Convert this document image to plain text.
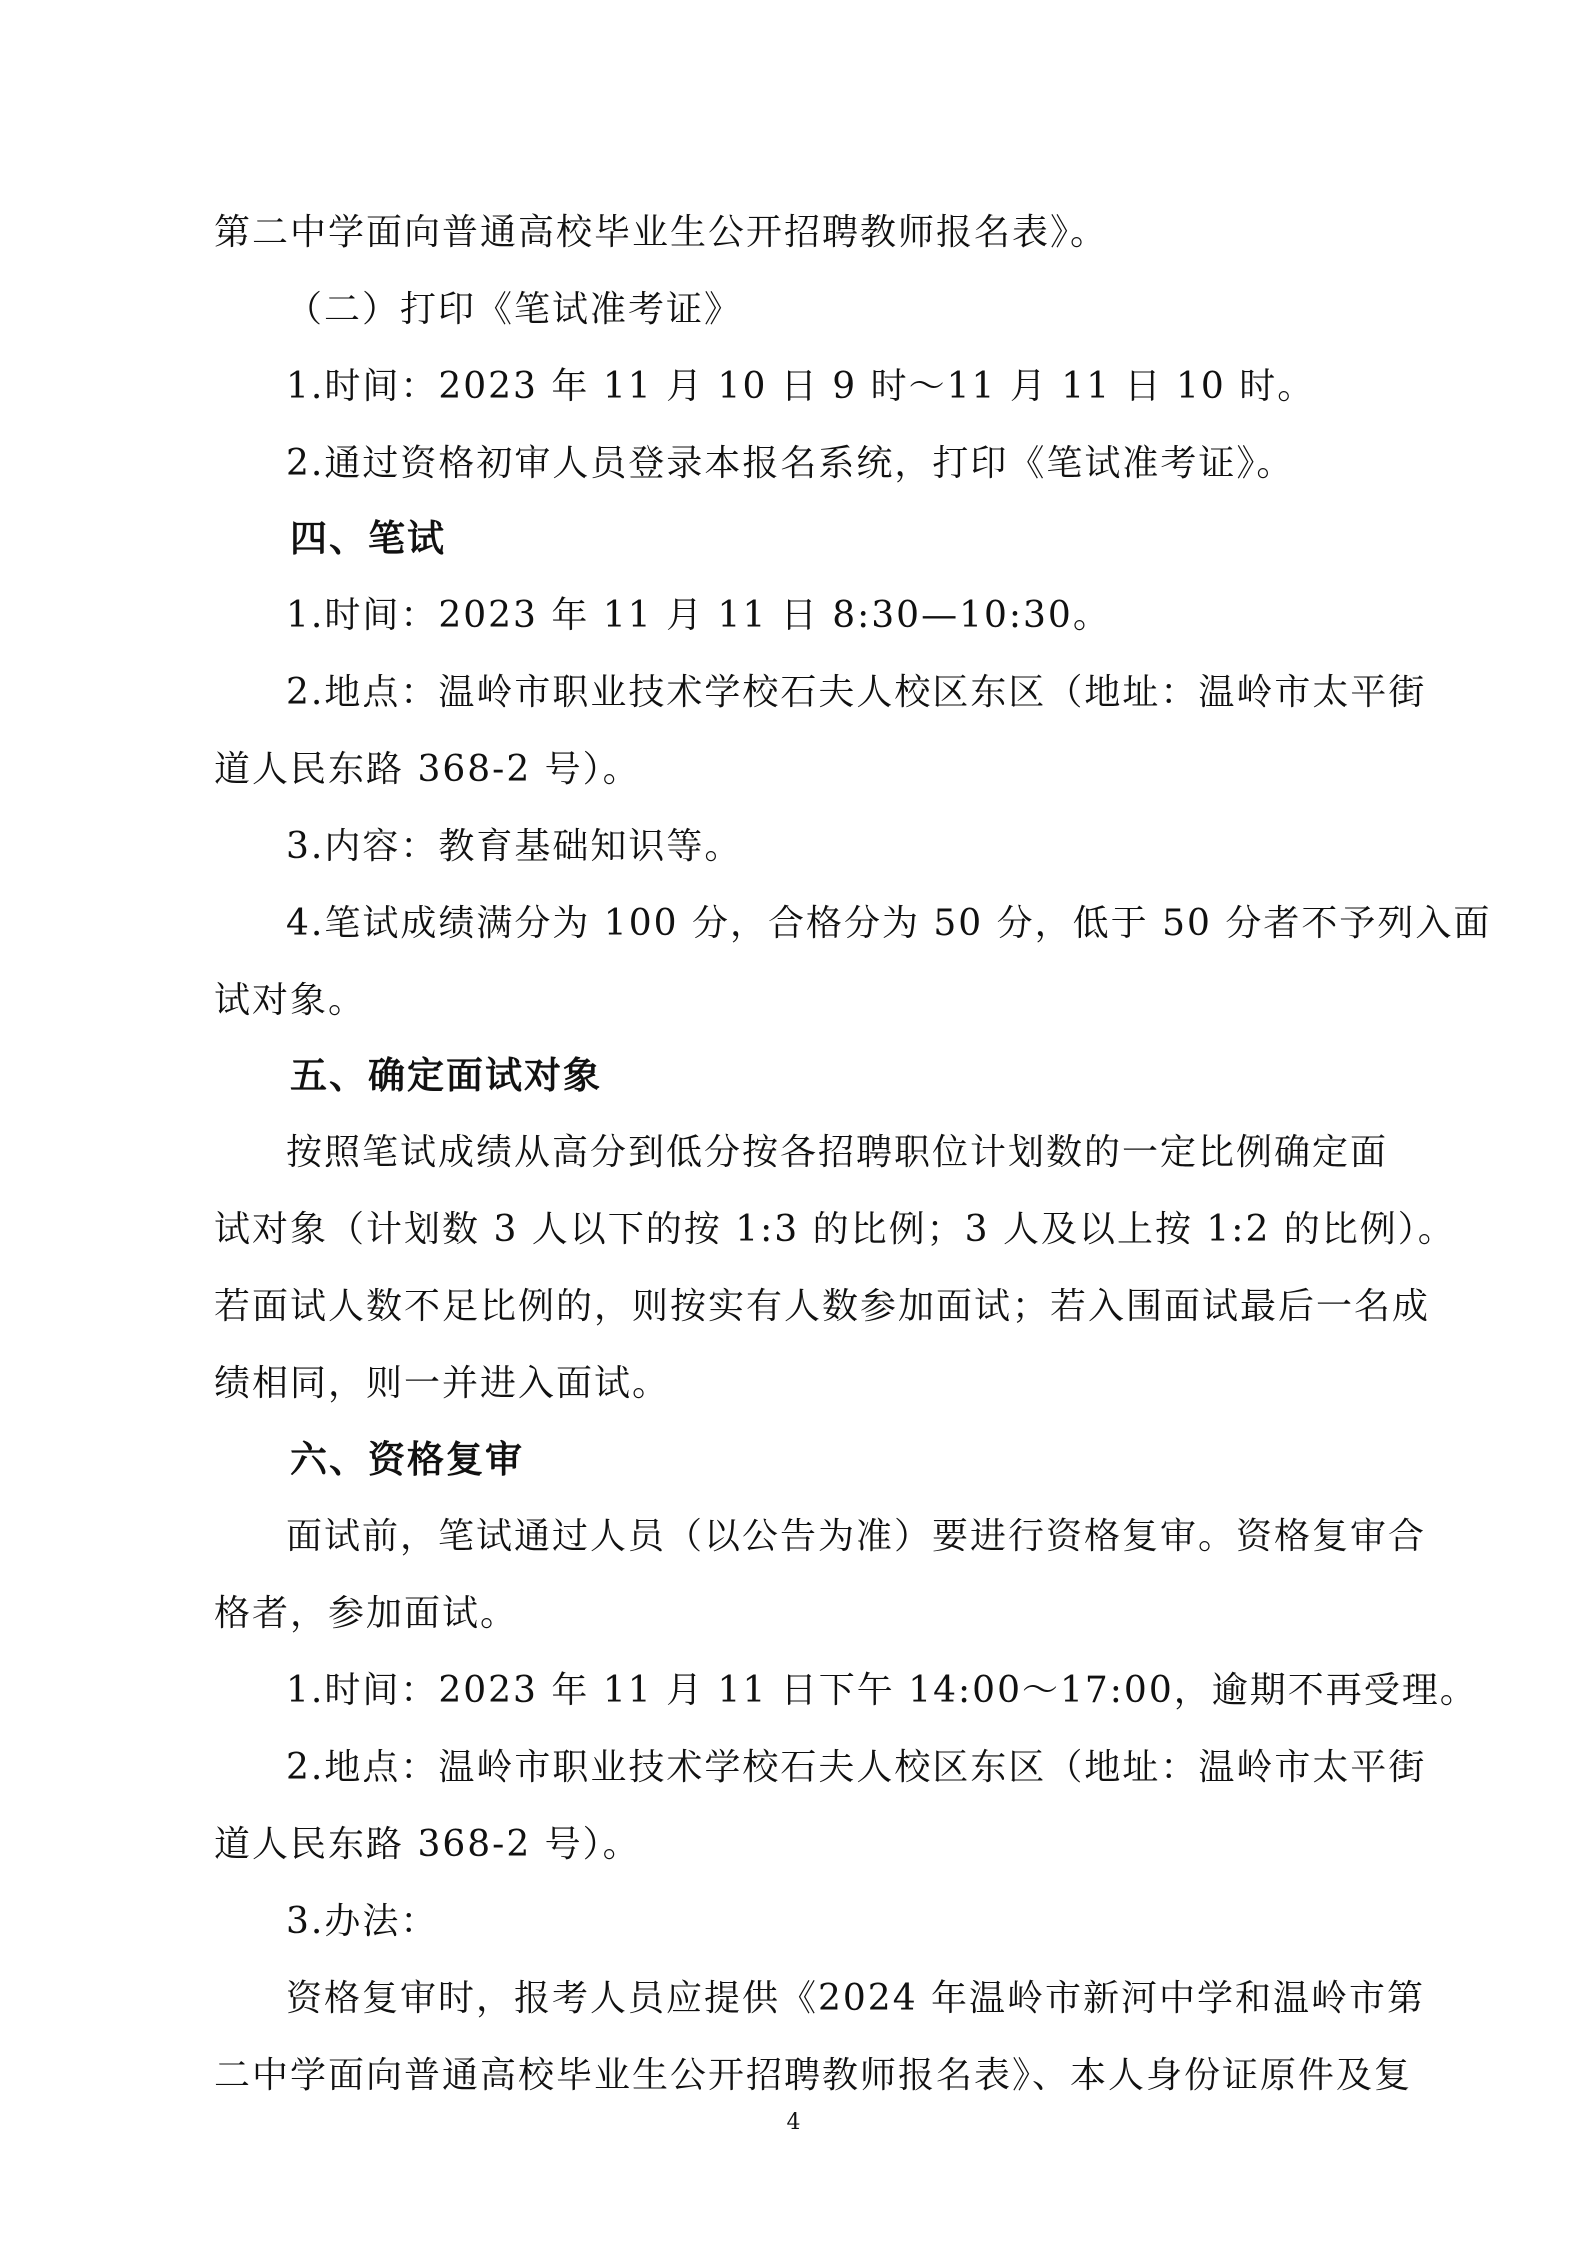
第二中学面向普通高校毕业生公开招聘教师报名表》。
（二）打印《笔试准考证》
1.时间：2023 年 11 月 10 日 9 时～11 月 11 日 10 时。
2.通过资格初审人员登录本报名系统，打印《笔试准考证》。
四、笔试
1.时间：2023 年 11 月 11 日 8:30—10:30。
2.地点：温岭市职业技术学校石夫人校区东区（地址：温岭市太平街
道人民东路 368-2 号）。
3.内容：教育基础知识等。
4.笔试成绩满分为 100 分，合格分为 50 分，低于 50 分者不予列入面
试对象。
五、确定面试对象
按照笔试成绩从高分到低分按各招聘职位计划数的一定比例确定面
试对象（计划数 3 人以下的按 1:3 的比例；3 人及以上按 1:2 的比例）。
若面试人数不足比例的，则按实有人数参加面试；若入围面试最后一名成
绩相同，则一并进入面试。
六、资格复审
面试前，笔试通过人员（以公告为准）要进行资格复审。资格复审合
格者，参加面试。
1.时间：2023 年 11 月 11 日下午 14:00～17:00，逾期不再受理。
2.地点：温岭市职业技术学校石夫人校区东区（地址：温岭市太平街
道人民东路 368-2 号）。
3.办法：
资格复审时，报考人员应提供《2024 年温岭市新河中学和温岭市第
二中学面向普通高校毕业生公开招聘教师报名表》、本人身份证原件及复
4
